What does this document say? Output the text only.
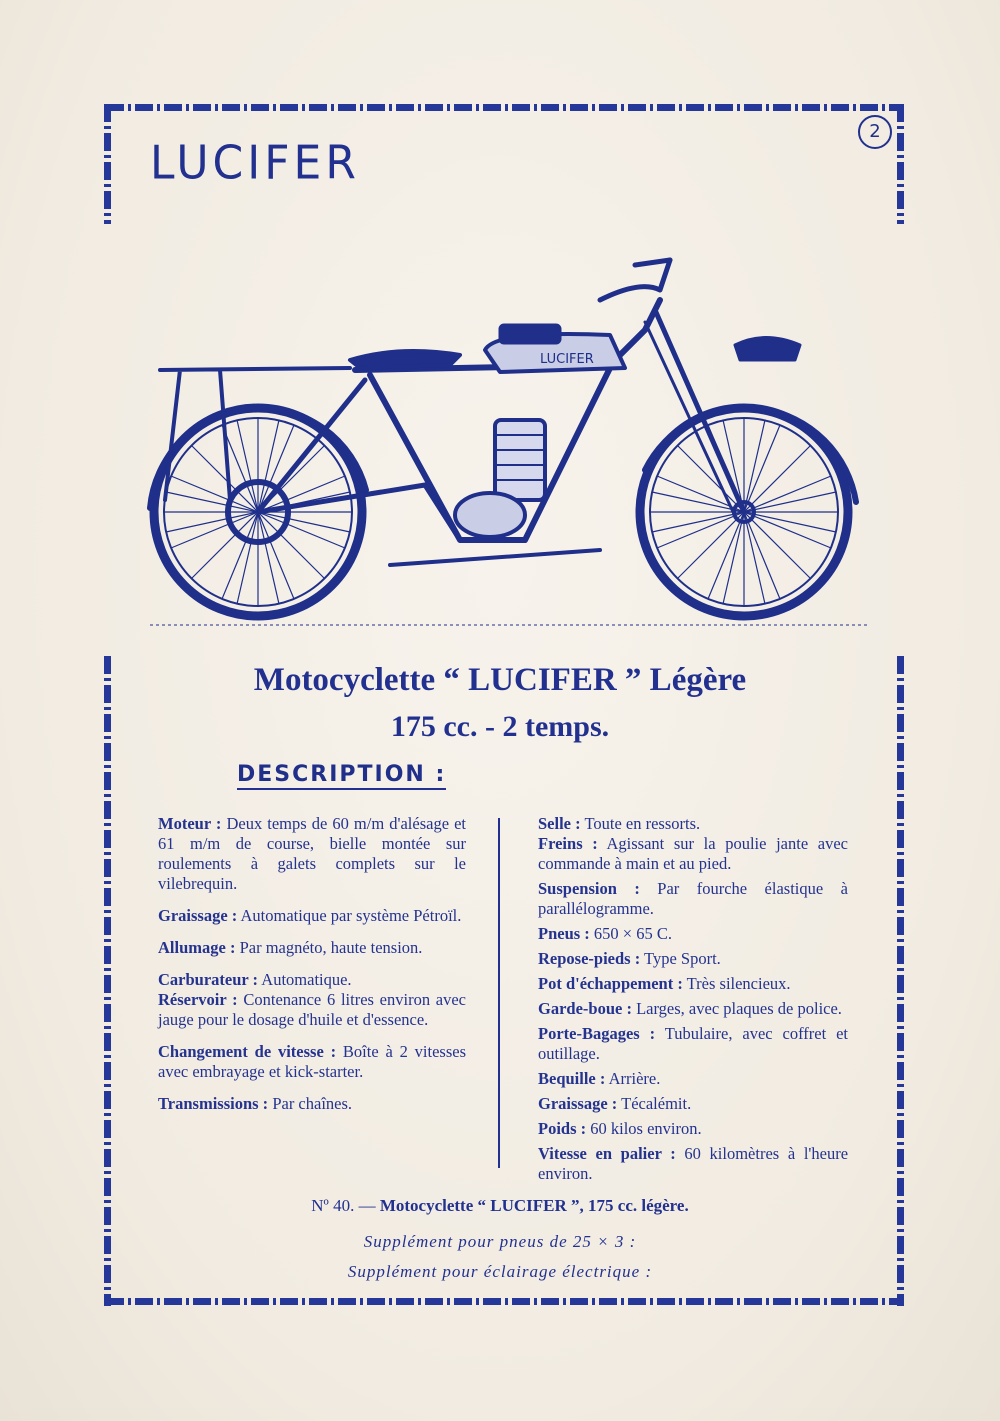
LUCIFER
2
LUCIFER
Motocyclette “ LUCIFER ” Légère
175 cc. - 2 temps.
DESCRIPTION :

Moteur : Deux temps de 60 m/m d'alésage et 61 m/m de course, bielle montée sur roulements à galets complets sur le vilebrequin.

Graissage : Automatique par système Pétroïl.

Allumage : Par magnéto, haute tension.

Carburateur : Automatique.

Réservoir : Contenance 6 litres environ avec jauge pour le dosage d'huile et d'essence.

Changement de vitesse : Boîte à 2 vitesses avec embrayage et kick-starter.

Transmissions : Par chaînes.

Selle : Toute en ressorts.

Freins : Agissant sur la poulie jante avec commande à main et au pied.

Suspension : Par fourche élastique à parallélogramme.

Pneus : 650 × 65 C.

Repose-pieds : Type Sport.

Pot d'échappement : Très silencieux.

Garde-boue : Larges, avec plaques de police.

Porte-Bagages : Tubulaire, avec coffret et outillage.

Bequille : Arrière.

Graissage : Técalémit.

Poids : 60 kilos environ.

Vitesse en palier : 60 kilomètres à l'heure environ.

Nº 40. — Motocyclette “ LUCIFER ”, 175 cc. légère.
Supplément pour pneus de 25 × 3 :
Supplément pour éclairage électrique :
